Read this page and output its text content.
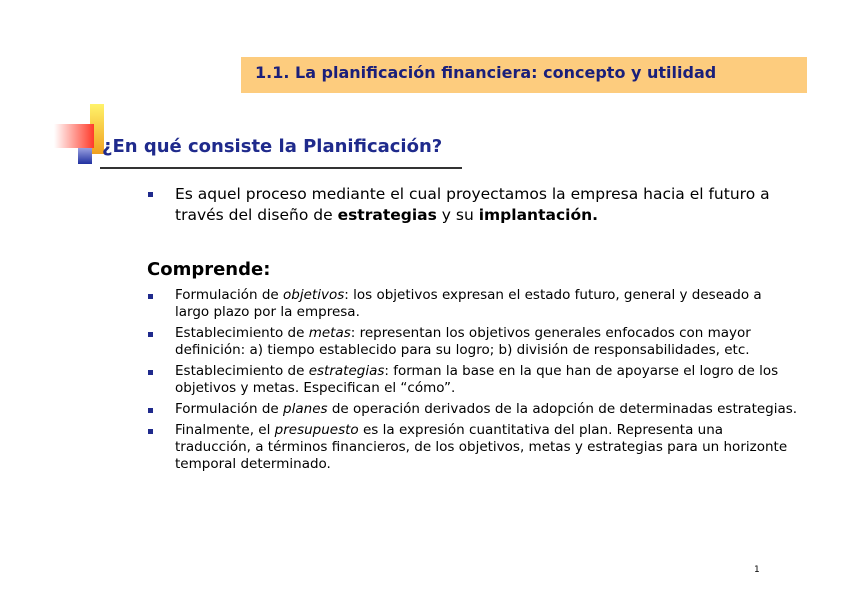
1.1. La planificación financiera: concepto y utilidad
¿En qué consiste la Planificación?
Es aquel proceso mediante el cual proyectamos la empresa hacia el futuro a través del diseño de estrategias y su implantación.
Comprende:
Formulación de objetivos: los objetivos expresan el estado futuro, general y deseado a largo plazo por la empresa.
Establecimiento de metas: representan los objetivos generales enfocados con mayor definición: a) tiempo establecido para su logro; b) división de responsabilidades, etc.
Establecimiento de estrategias: forman la base en la que han de apoyarse el logro de los objetivos y metas. Especifican el “cómo”.
Formulación de planes de operación derivados de la adopción de determinadas estrategias.
Finalmente, el presupuesto es la expresión cuantitativa del plan. Representa una traducción, a términos financieros, de los objetivos, metas y estrategias para un horizonte temporal determinado.
1
